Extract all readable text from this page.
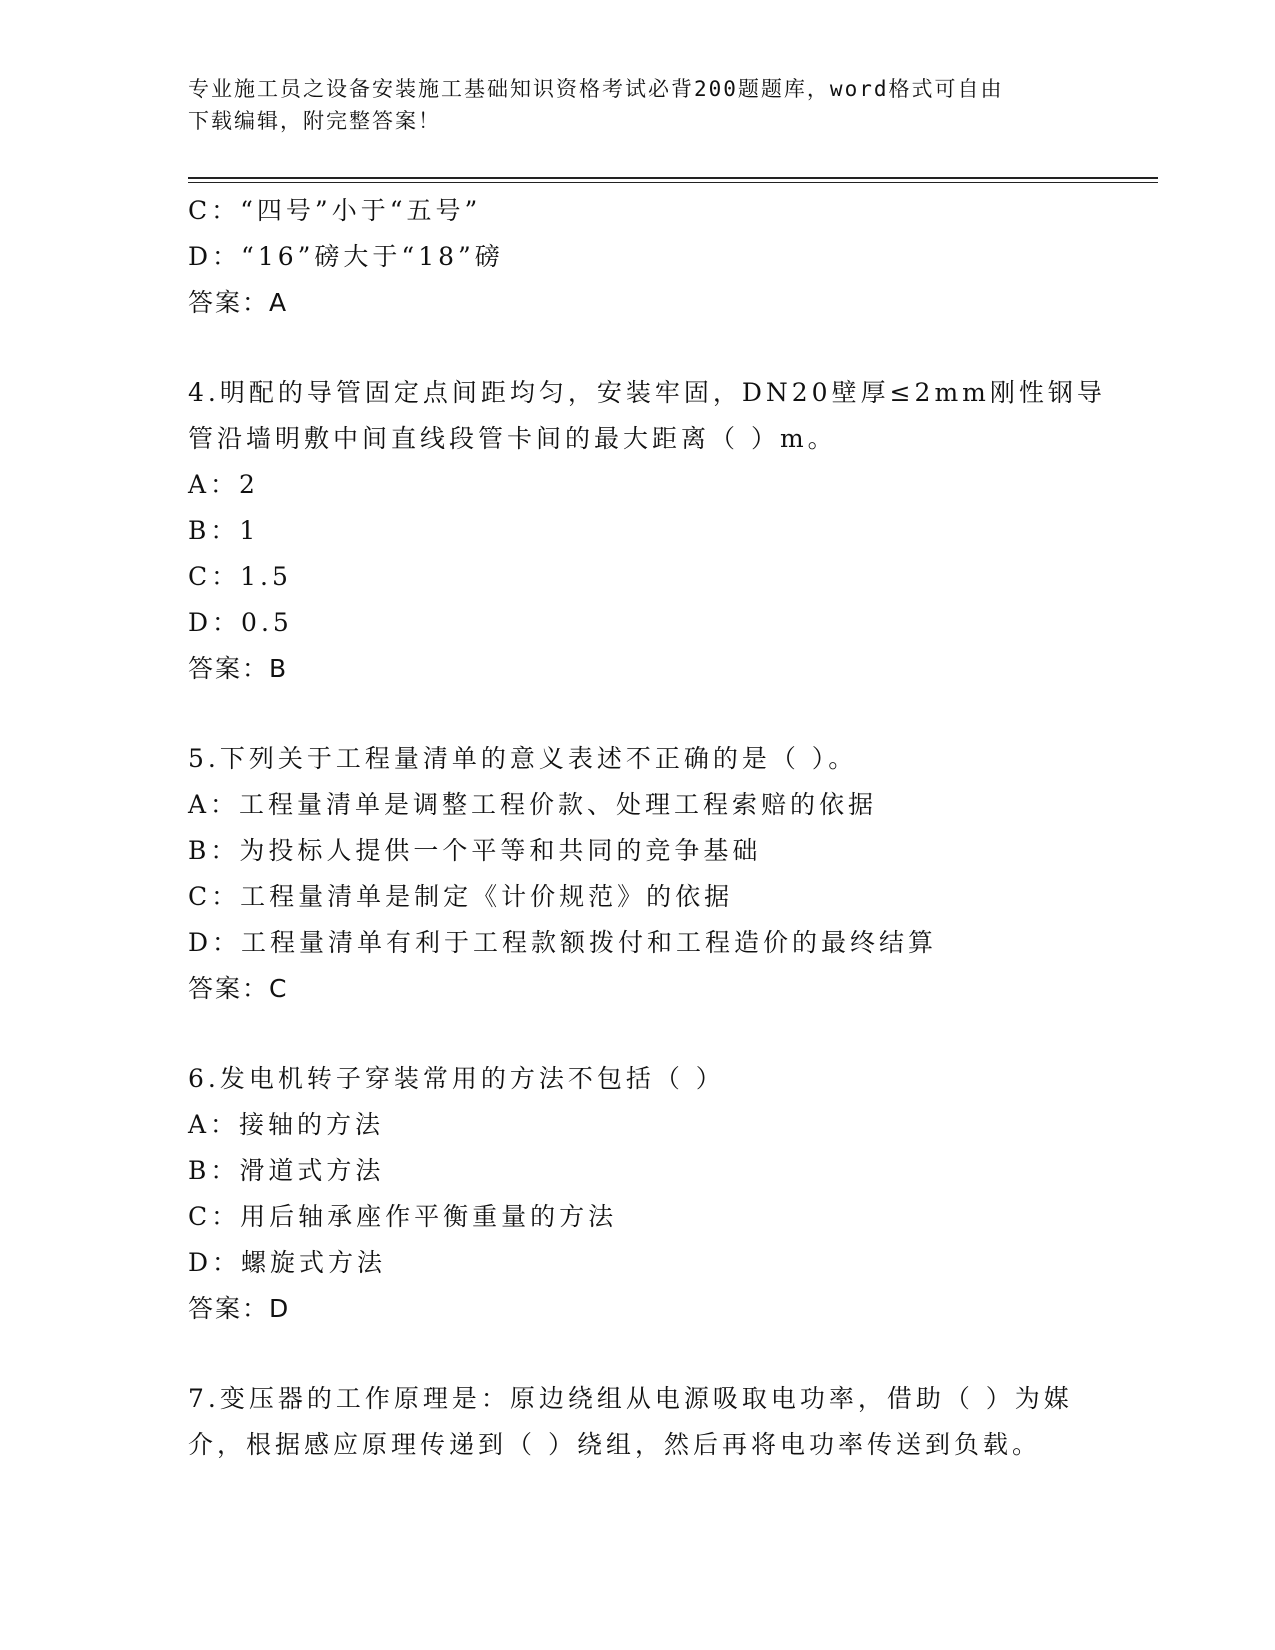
专业施工员之设备安装施工基础知识资格考试必背200题题库，word格式可自由
下载编辑，附完整答案！
C：“四号”小于“五号”
D：“16”磅大于“18”磅
答案：A
4.明配的导管固定点间距均匀，安装牢固，DN20壁厚≤2mm刚性钢导
管沿墙明敷中间直线段管卡间的最大距离（ ）m。
A：2
B：1
C：1.5
D：0.5
答案：B
5.下列关于工程量清单的意义表述不正确的是（ ）。
A：工程量清单是调整工程价款、处理工程索赔的依据
B：为投标人提供一个平等和共同的竞争基础
C：工程量清单是制定《计价规范》的依据
D：工程量清单有利于工程款额拨付和工程造价的最终结算
答案：C
6.发电机转子穿装常用的方法不包括（ ）
A：接轴的方法
B：滑道式方法
C：用后轴承座作平衡重量的方法
D：螺旋式方法
答案：D
7.变压器的工作原理是：原边绕组从电源吸取电功率，借助（ ）为媒
介，根据感应原理传递到（ ）绕组，然后再将电功率传送到负载。
